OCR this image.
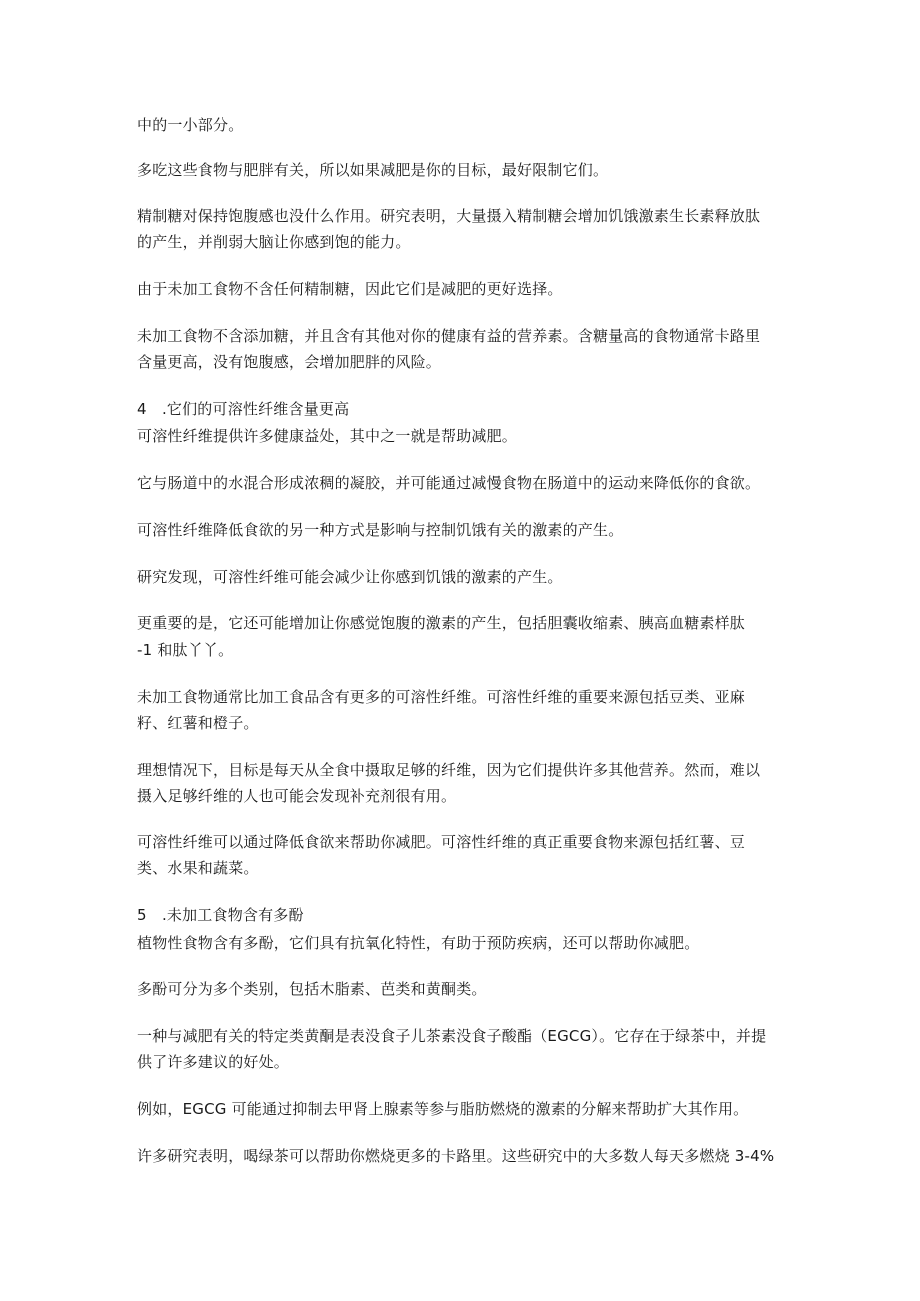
中的一小部分。
多吃这些食物与肥胖有关，所以如果减肥是你的目标，最好限制它们。
精制糖对保持饱腹感也没什么作用。研究表明，大量摄入精制糖会增加饥饿激素生长素释放肽
的产生，并削弱大脑让你感到饱的能力。
由于未加工食物不含任何精制糖，因此它们是减肥的更好选择。
未加工食物不含添加糖，并且含有其他对你的健康有益的营养素。含糖量高的食物通常卡路里
含量更高，没有饱腹感，会增加肥胖的风险。
4　.它们的可溶性纤维含量更高
可溶性纤维提供许多健康益处，其中之一就是帮助减肥。
它与肠道中的水混合形成浓稠的凝胶，并可能通过减慢食物在肠道中的运动来降低你的食欲。
可溶性纤维降低食欲的另一种方式是影响与控制饥饿有关的激素的产生。
研究发现，可溶性纤维可能会减少让你感到饥饿的激素的产生。
更重要的是，它还可能增加让你感觉饱腹的激素的产生，包括胆囊收缩素、胰高血糖素样肽
-1 和肽丫丫。
未加工食物通常比加工食品含有更多的可溶性纤维。可溶性纤维的重要来源包括豆类、亚麻
籽、红薯和橙子。
理想情况下，目标是每天从全食中摄取足够的纤维，因为它们提供许多其他营养。然而，难以
摄入足够纤维的人也可能会发现补充剂很有用。
可溶性纤维可以通过降低食欲来帮助你减肥。可溶性纤维的真正重要食物来源包括红薯、豆
类、水果和蔬菜。
5　.未加工食物含有多酚
植物性食物含有多酚，它们具有抗氧化特性，有助于预防疾病，还可以帮助你减肥。
多酚可分为多个类别，包括木脂素、芭类和黄酮类。
一种与减肥有关的特定类黄酮是表没食子儿茶素没食子酸酯（EGCG）。它存在于绿茶中，并提
供了许多建议的好处。
例如，EGCG 可能通过抑制去甲肾上腺素等参与脂肪燃烧的激素的分解来帮助扩大其作用。
许多研究表明，喝绿茶可以帮助你燃烧更多的卡路里。这些研究中的大多数人每天多燃烧 3-4%
